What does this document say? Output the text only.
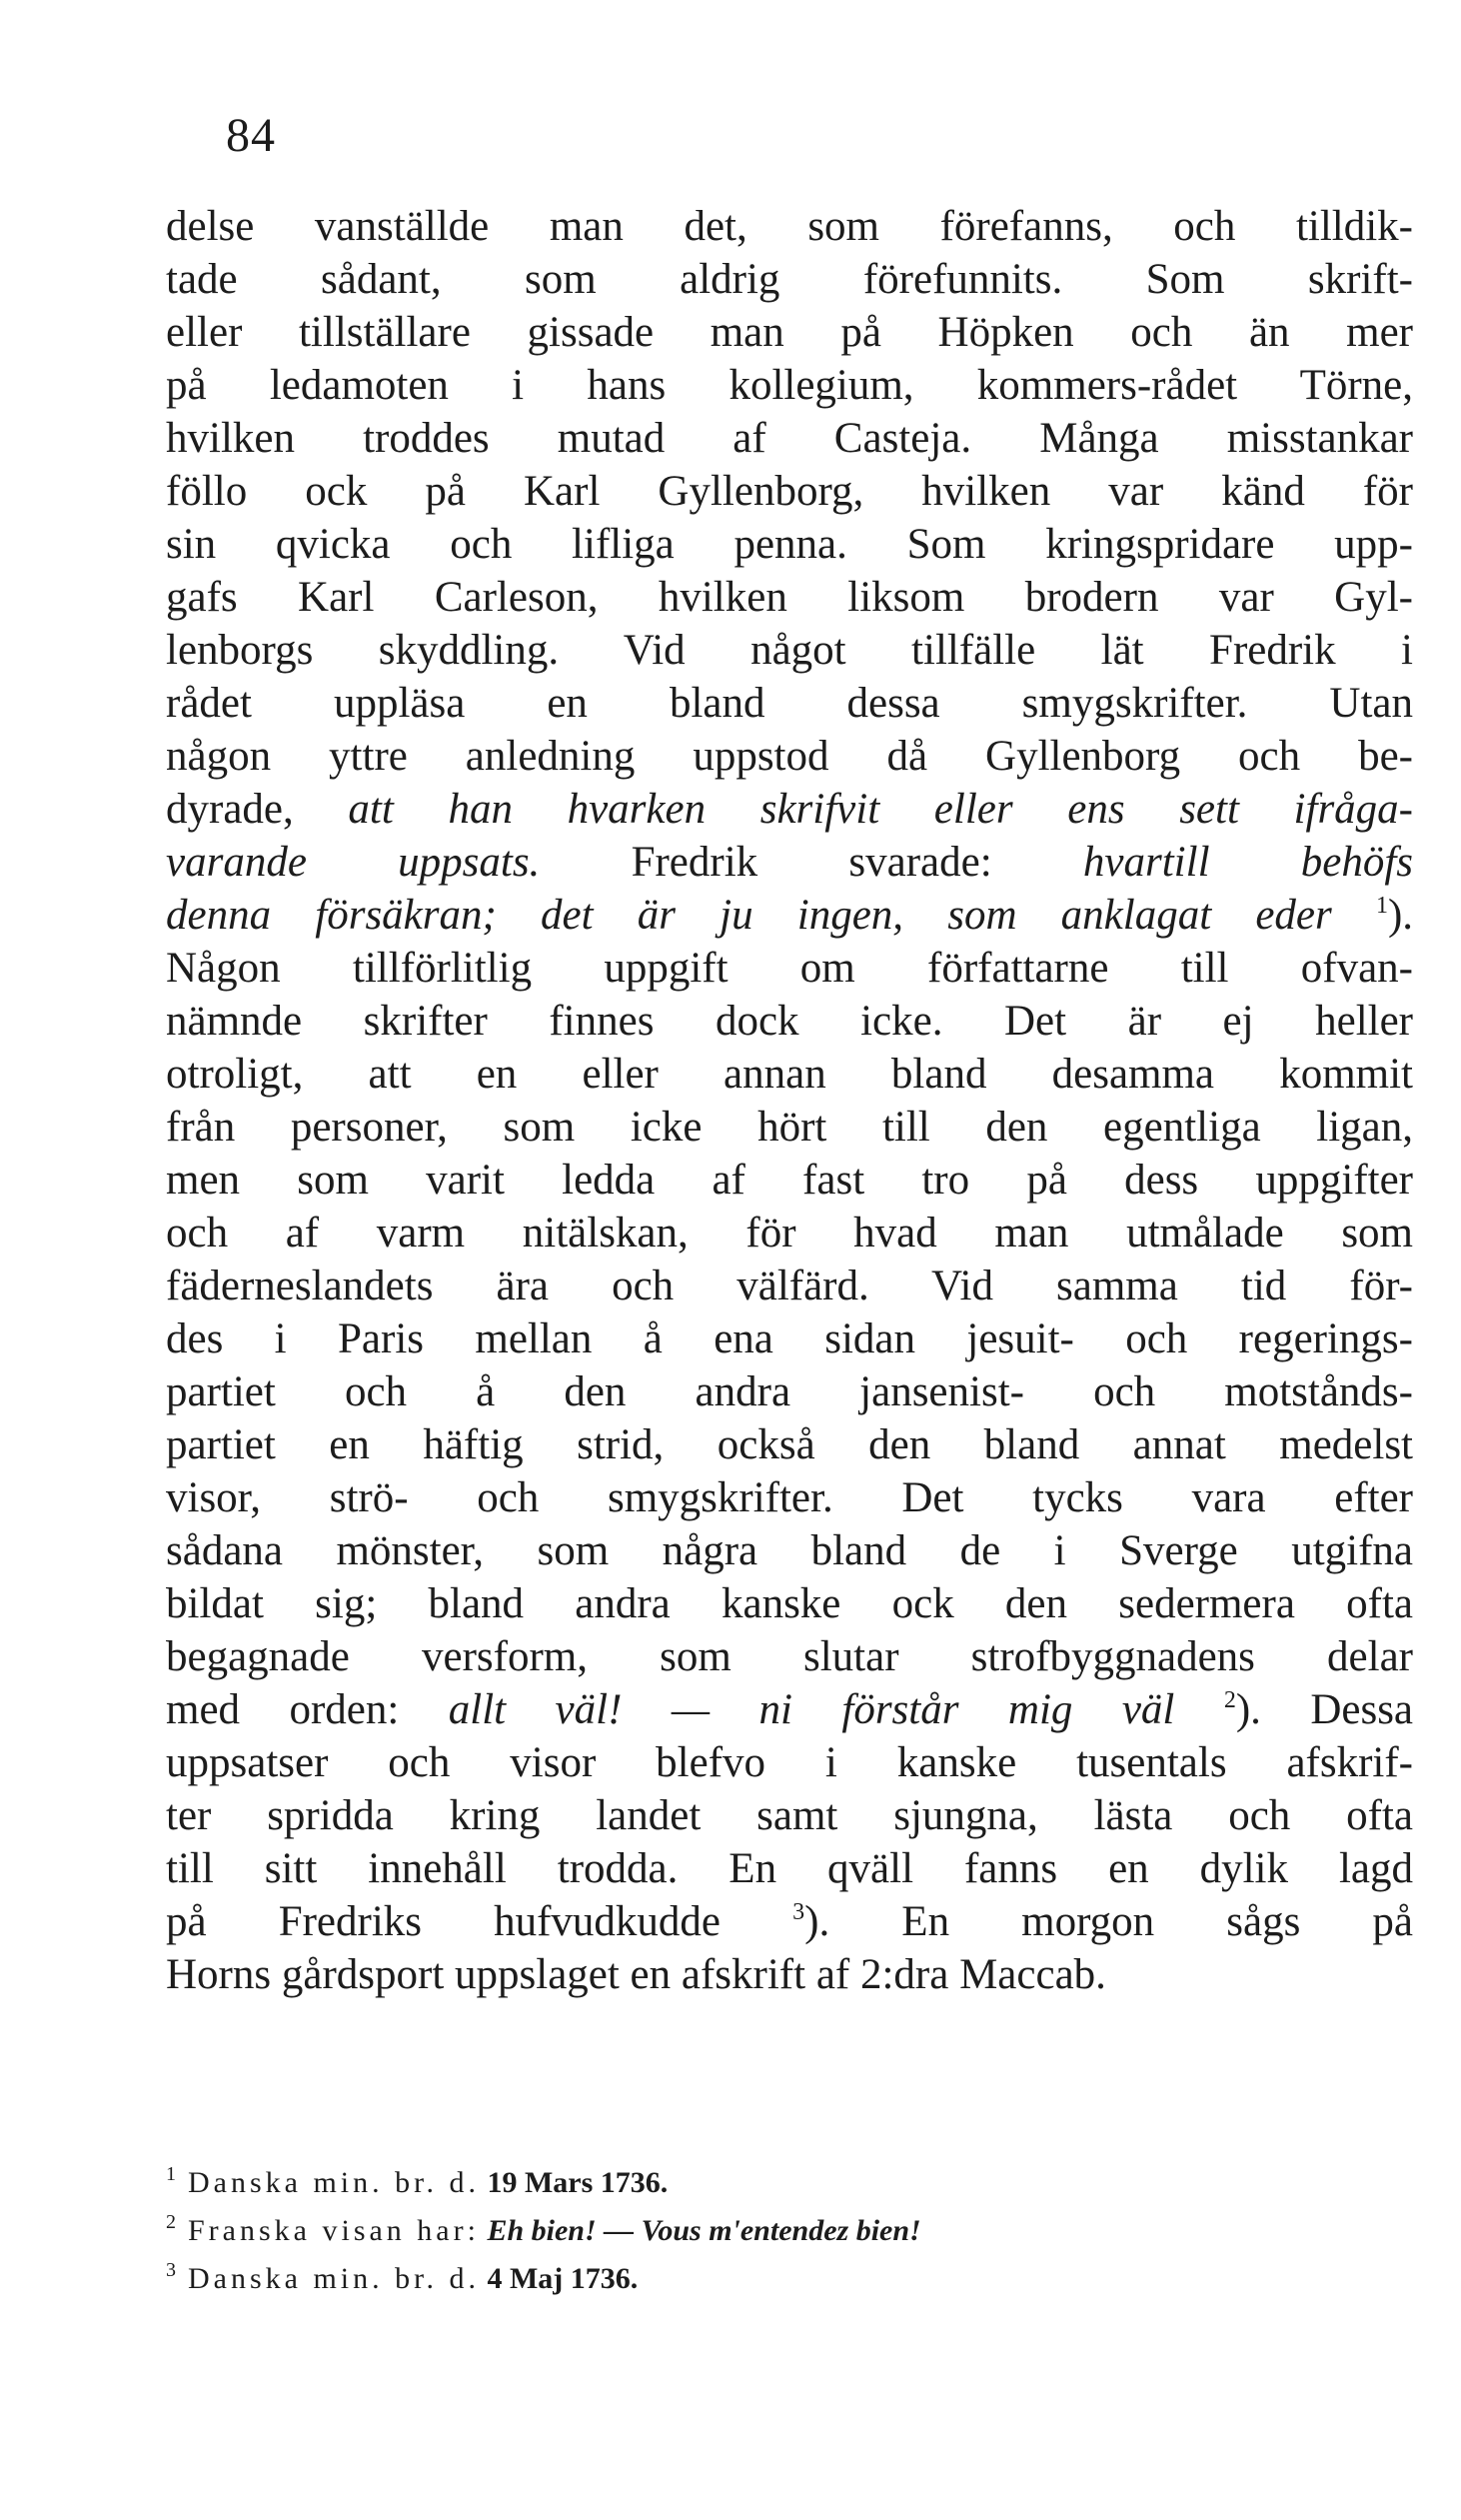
84
delse vanställde man det, som förefanns, och tilldik-
tade sådant, som aldrig förefunnits. Som skrift-
eller tillställare gissade man på Höpken och än mer
på ledamoten i hans kollegium, kommers-rådet Törne,
hvilken troddes mutad af Casteja. Många misstankar
föllo ock på Karl Gyllenborg, hvilken var känd för
sin qvicka och lifliga penna. Som kringspridare upp-
gafs Karl Carleson, hvilken liksom brodern var Gyl-
lenborgs skyddling. Vid något tillfälle lät Fredrik i
rådet uppläsa en bland dessa smygskrifter. Utan
någon yttre anledning uppstod då Gyllenborg och be-
dyrade, att han hvarken skrifvit eller ens sett ifråga-
varande uppsats. Fredrik svarade: hvartill behöfs
denna försäkran; det är ju ingen, som anklagat eder $^1$).
Någon tillförlitlig uppgift om författarne till ofvan-
nämnde skrifter finnes dock icke. Det är ej heller
otroligt, att en eller annan bland desamma kommit
från personer, som icke hört till den egentliga ligan,
men som varit ledda af fast tro på dess uppgifter
och af varm nitälskan, för hvad man utmålade som
fäderneslandets ära och välfärd. Vid samma tid för-
des i Paris mellan å ena sidan jesuit- och regerings-
partiet och å den andra jansenist- och motstånds-
partiet en häftig strid, också den bland annat medelst
visor, strö- och smygskrifter. Det tycks vara efter
sådana mönster, som några bland de i Sverge utgifna
bildat sig; bland andra kanske ock den sedermera ofta
begagnade versform, som slutar strofbyggnadens delar
med orden: allt väl! — ni förstår mig väl $^2$). Dessa
uppsatser och visor blefvo i kanske tusentals afskrif-
ter spridda kring landet samt sjungna, lästa och ofta
till sitt innehåll trodda. En qväll fanns en dylik lagd
på Fredriks hufvudkudde	$^3$). En morgon sågs på
Horns gårdsport uppslaget en afskrift af 2:dra Maccab.
$^1$ Danska min. br. d. 19 Mars 1736.
$^2$ Franska visan har: Eh bien! — Vous m'entendez bien!
$^3$ Danska min. br. d. 4 Maj 1736.
